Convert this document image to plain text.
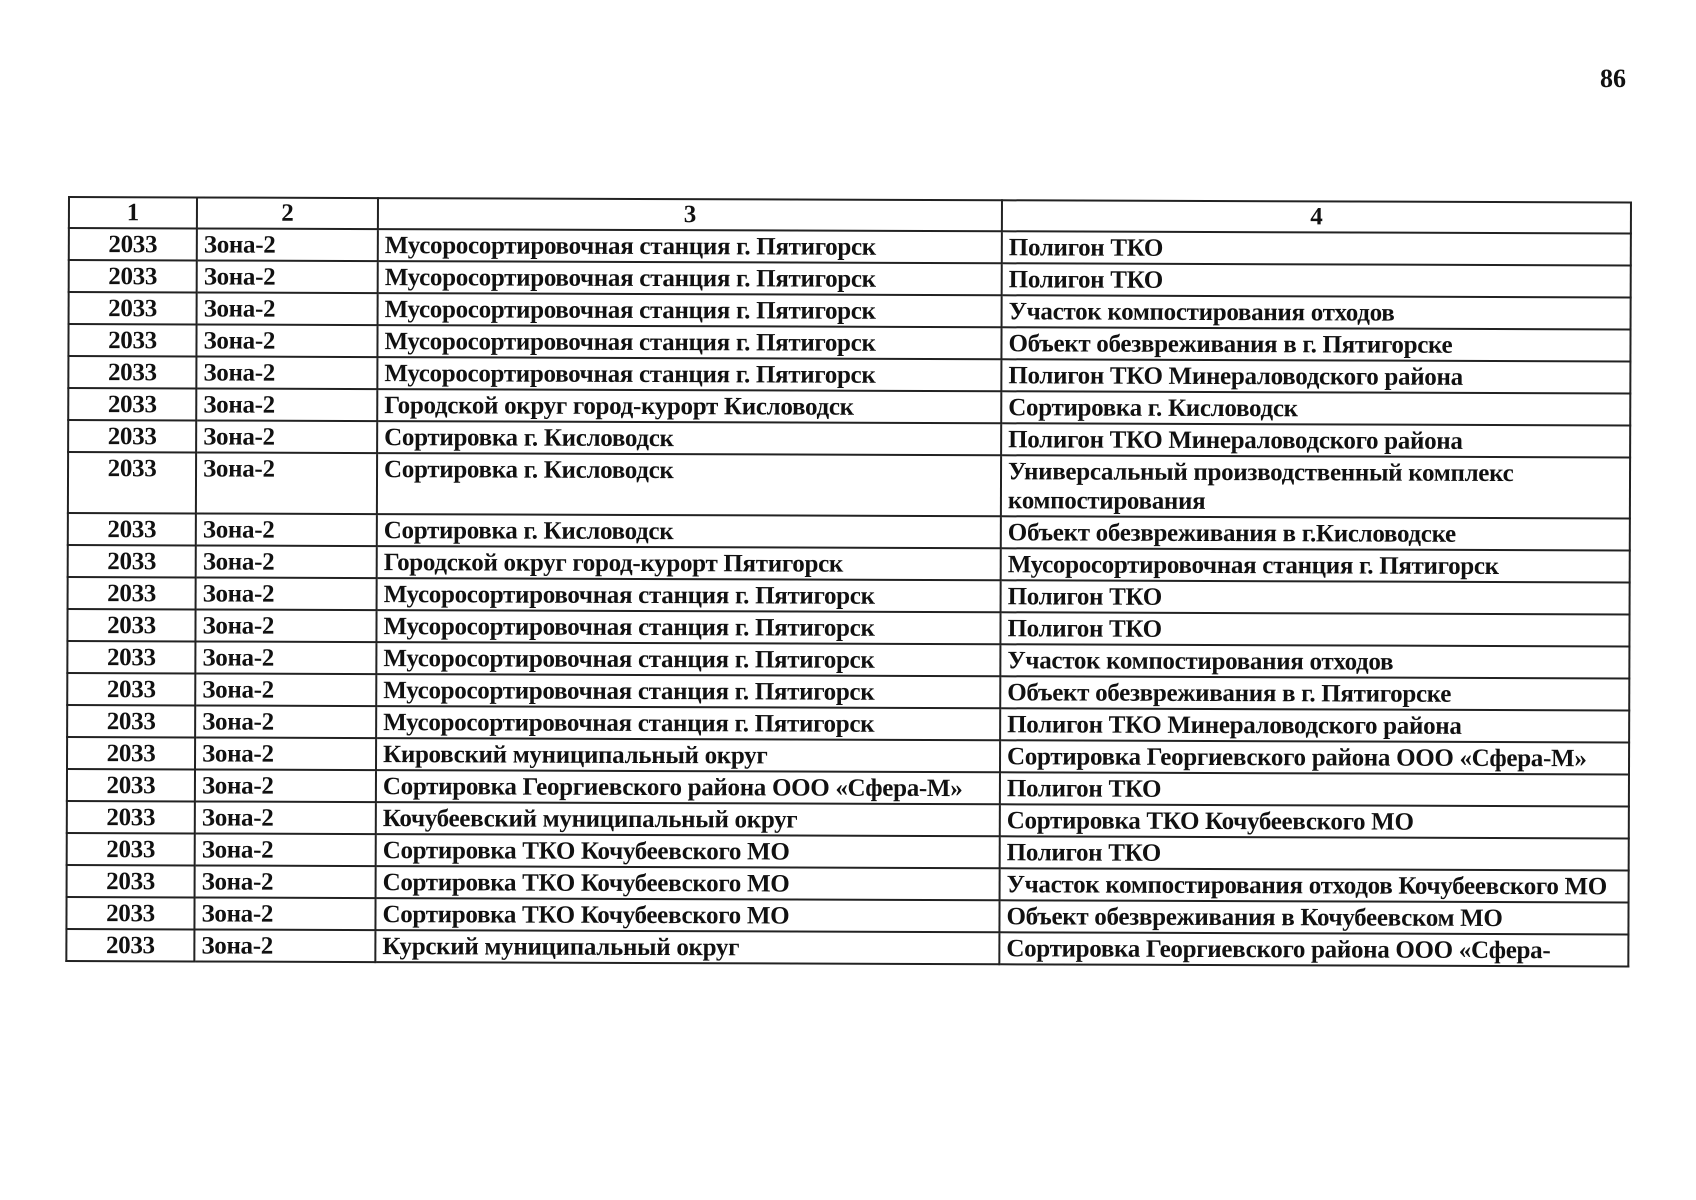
86
1	2	3	4
2033	Зона-2	Мусоросортировочная станция г. Пятигорск	Полигон ТКО
2033	Зона-2	Мусоросортировочная станция г. Пятигорск	Полигон ТКО
2033	Зона-2	Мусоросортировочная станция г. Пятигорск	Участок компостирования отходов
2033	Зона-2	Мусоросортировочная станция г. Пятигорск	Объект обезвреживания в г. Пятигорске
2033	Зона-2	Мусоросортировочная станция г. Пятигорск	Полигон ТКО Минераловодского района
2033	Зона-2	Городской округ город-курорт Кисловодск	Сортировка г. Кисловодск
2033	Зона-2	Сортировка г. Кисловодск	Полигон ТКО Минераловодского района
2033	Зона-2	Сортировка г. Кисловодск	Универсальный производственный комплекс компостирования
2033	Зона-2	Сортировка г. Кисловодск	Объект обезвреживания в г.Кисловодске
2033	Зона-2	Городской округ город-курорт Пятигорск	Мусоросортировочная станция г. Пятигорск
2033	Зона-2	Мусоросортировочная станция г. Пятигорск	Полигон ТКО
2033	Зона-2	Мусоросортировочная станция г. Пятигорск	Полигон ТКО
2033	Зона-2	Мусоросортировочная станция г. Пятигорск	Участок компостирования отходов
2033	Зона-2	Мусоросортировочная станция г. Пятигорск	Объект обезвреживания в г. Пятигорске
2033	Зона-2	Мусоросортировочная станция г. Пятигорск	Полигон ТКО Минераловодского района
2033	Зона-2	Кировский муниципальный округ	Сортировка Георгиевского района ООО «Сфера-М»
2033	Зона-2	Сортировка Георгиевского района ООО «Сфера-М»	Полигон ТКО
2033	Зона-2	Кочубеевский муниципальный округ	Сортировка ТКО Кочубеевского МО
2033	Зона-2	Сортировка ТКО Кочубеевского МО	Полигон ТКО
2033	Зона-2	Сортировка ТКО Кочубеевского МО	Участок компостирования отходов Кочубеевского МО
2033	Зона-2	Сортировка ТКО Кочубеевского МО	Объект обезвреживания в Кочубеевском МО
2033	Зона-2	Курский муниципальный округ	Сортировка Георгиевского района ООО «Сфера-
